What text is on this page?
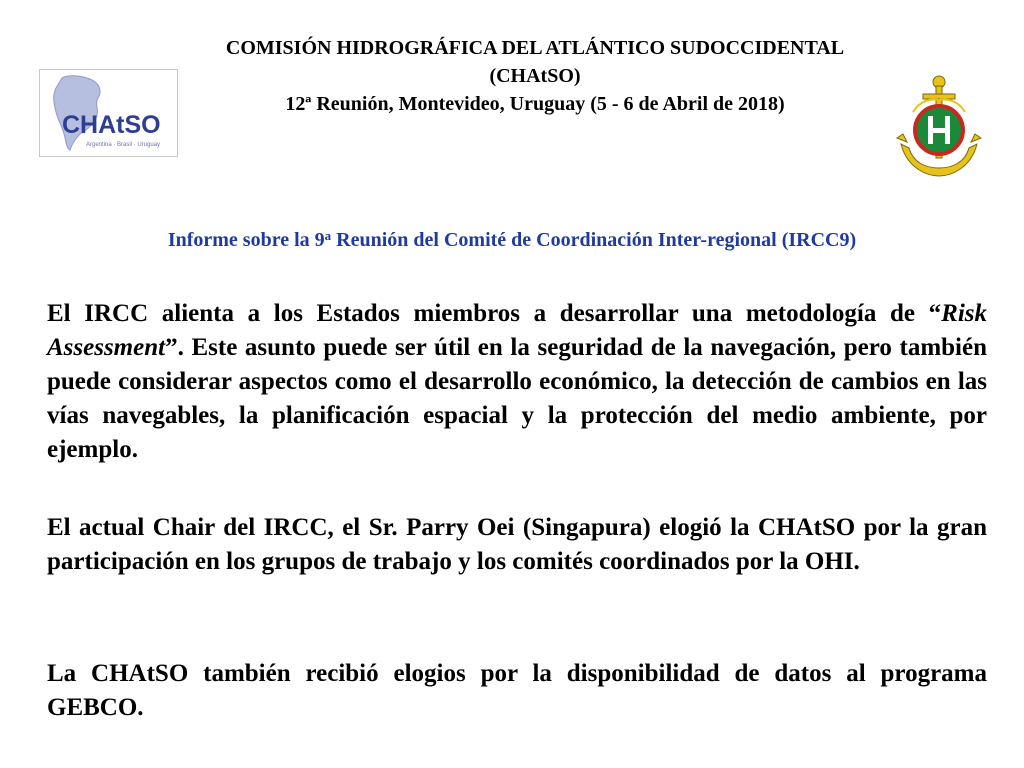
COMISIÓN HIDROGRÁFICA DEL ATLÁNTICO SUDOCCIDENTAL
(CHAtSO)
12ª Reunión, Montevideo, Uruguay (5 - 6 de Abril de 2018)
CHAtSO
Argentina · Brasil · Uruguay
Informe sobre la 9$^a$ Reunión del Comité de Coordinación Inter-regional (IRCC9)

El IRCC alienta a los Estados miembros a desarrollar una metodología de “Risk Assessment”. Este asunto puede ser útil en la seguridad de la navegación, pero también puede considerar aspectos como el desarrollo económico, la detección de cambios en las vías navegables, la planificación espacial y la protección del medio ambiente, por ejemplo.

El actual Chair del IRCC, el Sr. Parry Oei (Singapura) elogió la CHAtSO por la gran participación en los grupos de trabajo y los comités coordinados por la OHI.

La CHAtSO también recibió elogios por la disponibilidad de datos al programa GEBCO.
